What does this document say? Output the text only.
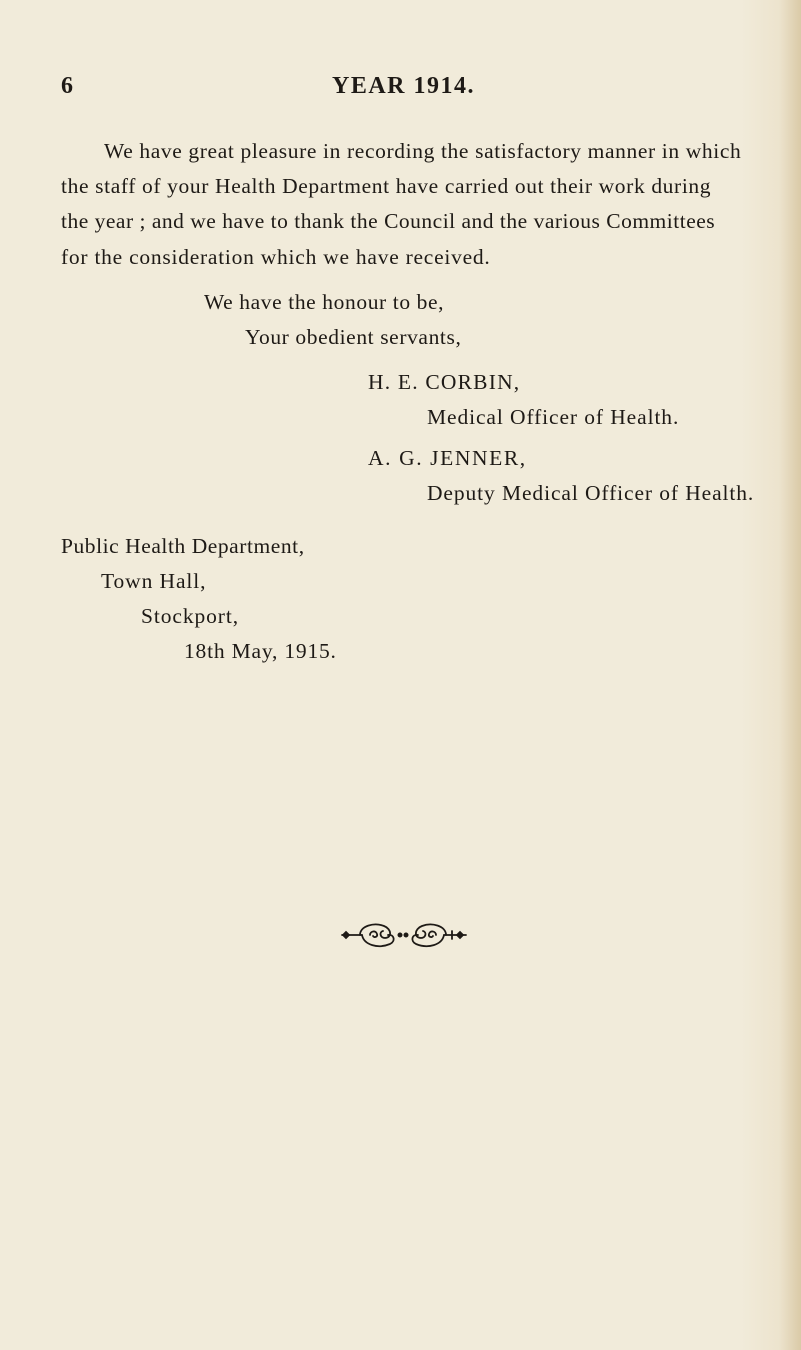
6	YEAR 1914.
We have great pleasure in recording the satisfactory manner in which
the staff of your Health Department have carried out their work during
the year ; and we have to thank the Council and the various Committees
for the consideration which we have received.
We have the honour to be,
Your obedient servants,
H. E. CORBIN,
Medical Officer of Health.
A. G. JENNER,
Deputy Medical Officer of Health.
Public Health Department,
Town Hall,
Stockport,
18th May, 1915.
